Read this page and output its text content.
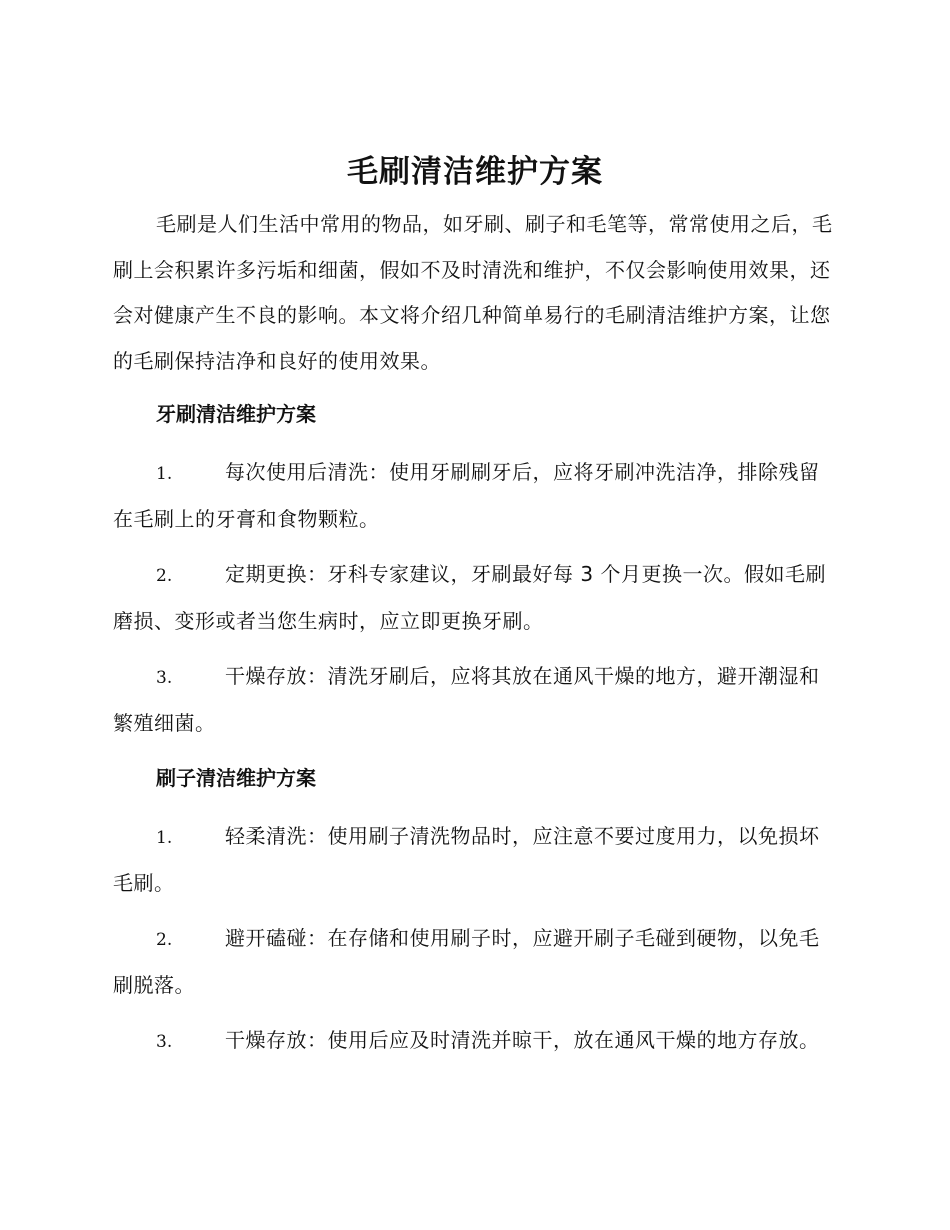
毛刷清洁维护方案

毛刷是人们生活中常用的物品，如牙刷、刷子和毛笔等，常常使用之后，毛刷上会积累许多污垢和细菌，假如不及时清洗和维护，不仅会影响使用效果，还会对健康产生不良的影响。本文将介绍几种简单易行的毛刷清洁维护方案，让您的毛刷保持洁净和良好的使用效果。

牙刷清洁维护方案

1.	每次使用后清洗：使用牙刷刷牙后，应将牙刷冲洗洁净，排除残留在毛刷上的牙膏和食物颗粒。

2.	定期更换：牙科专家建议，牙刷最好每 3 个月更换一次。假如毛刷磨损、变形或者当您生病时，应立即更换牙刷。

3.	干燥存放：清洗牙刷后，应将其放在通风干燥的地方，避开潮湿和繁殖细菌。

刷子清洁维护方案

1.	轻柔清洗：使用刷子清洗物品时，应注意不要过度用力，以免损坏毛刷。

2.	避开磕碰：在存储和使用刷子时，应避开刷子毛碰到硬物，以免毛刷脱落。

3.	干燥存放：使用后应及时清洗并晾干，放在通风干燥的地方存放。
